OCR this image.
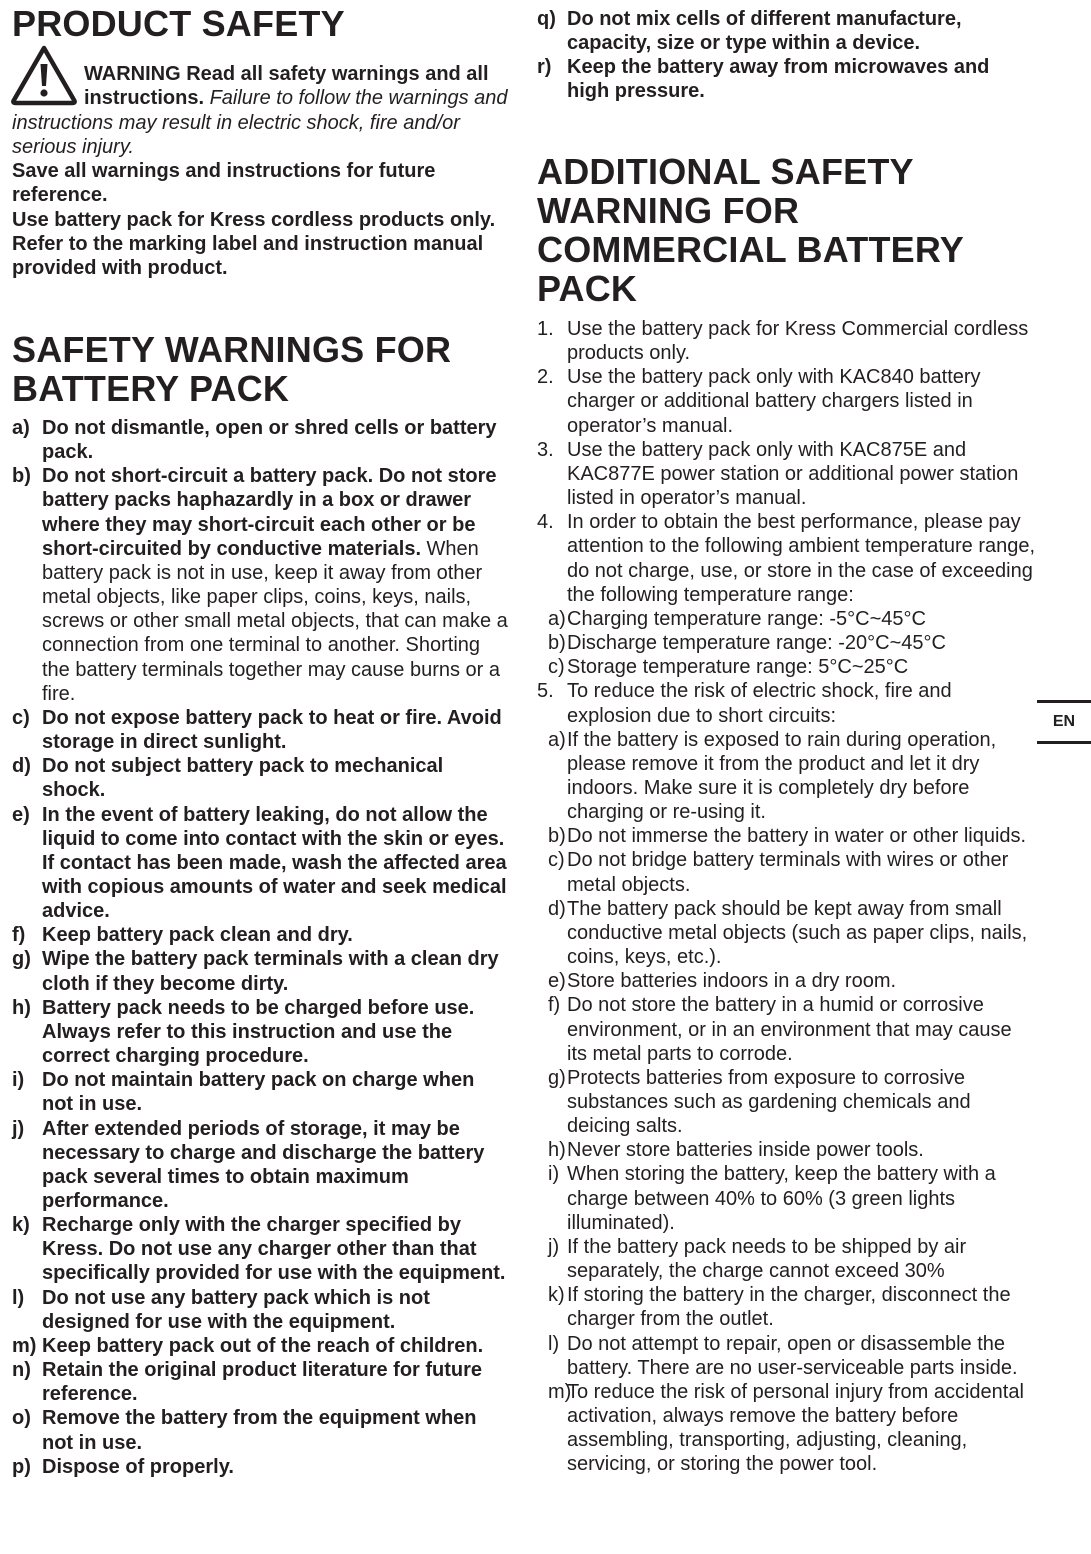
PRODUCT SAFETY
WARNING Read all safety warnings and all instructions. Failure to follow the warnings and instructions may result in electric shock, fire and/or serious injury.

Save all warnings and instructions for future reference.

Use battery pack for Kress cordless products only. Refer to the marking label and instruction manual provided with product.

SAFETY WARNINGS FOR BATTERY PACK
a) Do not dismantle, open or shred cells or battery pack.
b) Do not short-circuit a battery pack. Do not store battery packs haphazardly in a box or drawer where they may short-circuit each other or be short-circuited by conductive materials. When battery pack is not in use, keep it away from other metal objects, like paper clips, coins, keys, nails, screws or other small metal objects, that can make a connection from one terminal to another. Shorting the battery terminals together may cause burns or a fire.
c) Do not expose battery pack to heat or fire. Avoid storage in direct sunlight.
d) Do not subject battery pack to mechanical shock.
e) In the event of battery leaking, do not allow the liquid to come into contact with the skin or eyes. If contact has been made, wash the affected area with copious amounts of water and seek medical advice.
f) Keep battery pack clean and dry.
g) Wipe the battery pack terminals with a clean dry cloth if they become dirty.
h) Battery pack needs to be charged before use. Always refer to this instruction and use the correct charging procedure.
i) Do not maintain battery pack on charge when not in use.
j) After extended periods of storage, it may be necessary to charge and discharge the battery pack several times to obtain maximum performance.
k) Recharge only with the charger specified by Kress. Do not use any charger other than that specifically provided for use with the equipment.
l) Do not use any battery pack which is not designed for use with the equipment.
m) Keep battery pack out of the reach of children.
n) Retain the original product literature for future reference.
o) Remove the battery from the equipment when not in use.
p) Dispose of properly.
q) Do not mix cells of different manufacture, capacity, size or type within a device.
r) Keep the battery away from microwaves and high pressure.
ADDITIONAL SAFETY WARNING FOR COMMERCIAL BATTERY PACK
1. Use the battery pack for Kress Commercial cordless products only.
2. Use the battery pack only with KAC840 battery charger or additional battery chargers listed in operator’s manual.
3. Use the battery pack only with KAC875E and KAC877E power station or additional power station listed in operator’s manual.
4. In order to obtain the best performance, please pay attention to the following ambient temperature range, do not charge, use, or store in the case of exceeding the following temperature range:
a) Charging temperature range: -5°C~45°C
b) Discharge temperature range: -20°C~45°C
c) Storage temperature range: 5°C~25°C
5. To reduce the risk of electric shock, fire and explosion due to short circuits:
a) If the battery is exposed to rain during operation, please remove it from the product and let it dry indoors. Make sure it is completely dry before charging or re-using it.
b) Do not immerse the battery in water or other liquids.
c) Do not bridge battery terminals with wires or other metal objects.
d) The battery pack should be kept away from small conductive metal objects (such as paper clips, nails, coins, keys, etc.).
e) Store batteries indoors in a dry room.
f) Do not store the battery in a humid or corrosive environment, or in an environment that may cause its metal parts to corrode.
g) Protects batteries from exposure to corrosive substances such as gardening chemicals and deicing salts.
h) Never store batteries inside power tools.
i) When storing the battery, keep the battery with a charge between 40% to 60% (3 green lights illuminated).
j) If the battery pack needs to be shipped by air separately, the charge cannot exceed 30%
k) If storing the battery in the charger, disconnect the charger from the outlet.
l) Do not attempt to repair, open or disassemble the battery. There are no user-serviceable parts inside.
m)
To reduce the risk of personal injury from accidental activation, always remove the battery before assembling, transporting, adjusting, cleaning, servicing, or storing the power tool.
EN
